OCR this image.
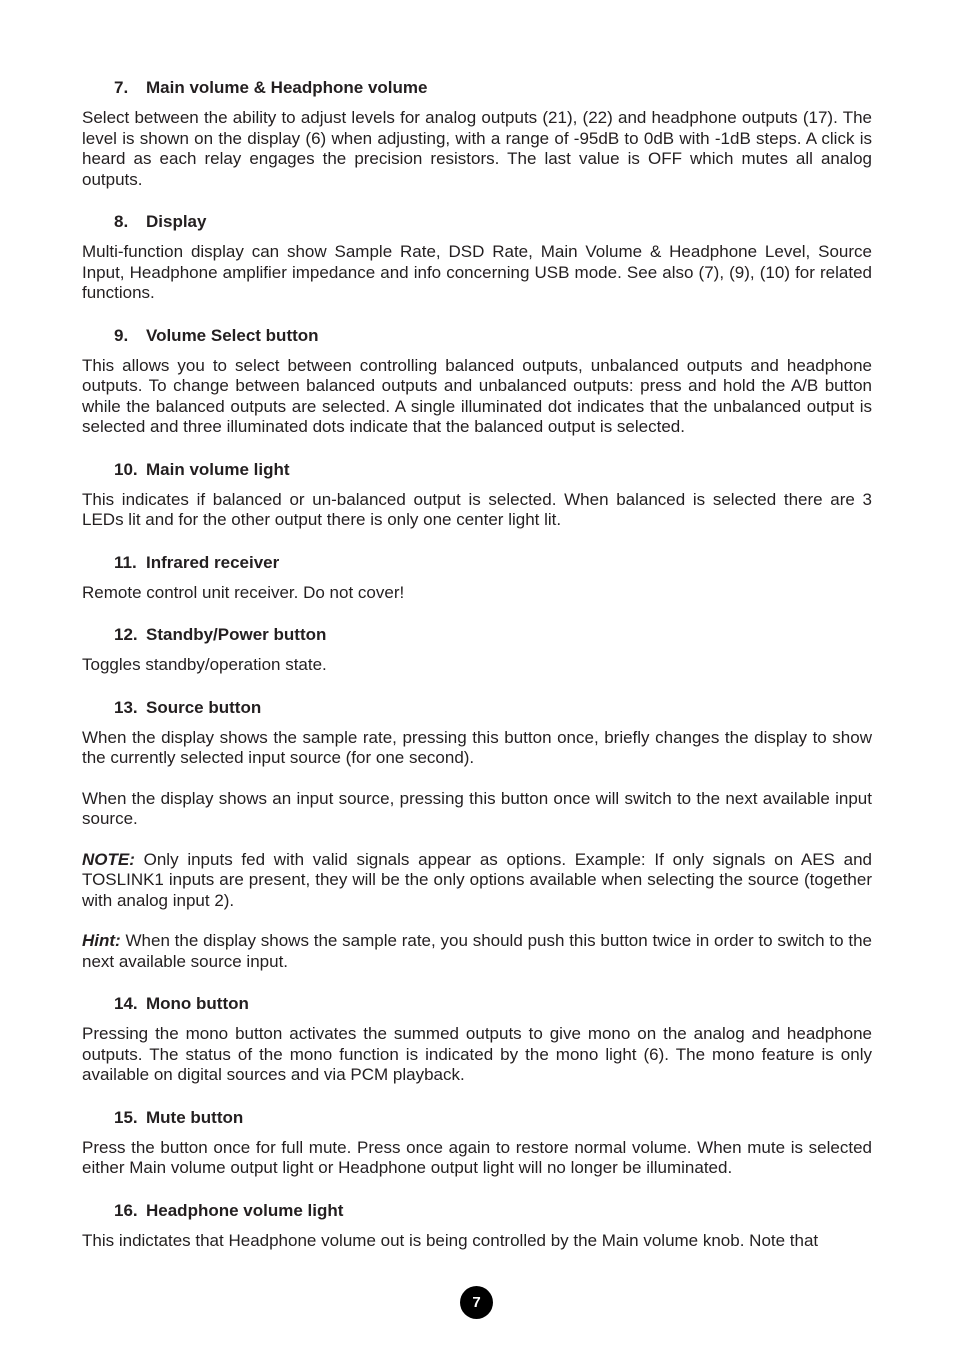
7.	Main volume & Headphone volume

Select between the ability to adjust levels for analog outputs (21), (22) and headphone outputs (17). The level is shown on the display (6) when adjusting, with a range of -95dB to 0dB with -1dB steps. A click is heard as each relay engages the precision resistors. The last value is OFF which mutes all analog outputs.

8.	Display

Multi-function display can show Sample Rate, DSD Rate, Main Volume & Headphone Level, Source Input, Headphone amplifier impedance and info concerning USB mode. See also (7), (9), (10) for related functions.

9.	Volume Select button

This allows you to select between controlling balanced outputs, unbalanced outputs and headphone outputs. To change between balanced outputs and unbalanced outputs: press and hold the A/B button while the balanced outputs are selected. A single illuminated dot indicates that the unbalanced output is selected and three illuminated dots indicate that the balanced output is selected.

10. Main volume light

This indicates if balanced or un-balanced output is selected. When balanced is selected there are 3 LEDs lit and for the other output there is only one center light lit.

11. Infrared receiver

Remote control unit receiver. Do not cover!

12. Standby/Power button

Toggles standby/operation state.

13. Source button

When the display shows the sample rate, pressing this button once, briefly changes the display to show the currently selected input source (for one second).

When the display shows an input source, pressing this button once will switch to the next available input source.

NOTE: Only inputs fed with valid signals appear as options. Example: If only signals on AES and TOSLINK1 inputs are present, they will be the only options available when selecting the source (together with analog input 2).

Hint: When the display shows the sample rate, you should push this button twice in order to switch to the next available source input.

14. Mono button

Pressing the mono button activates the summed outputs to give mono on the analog and headphone outputs. The status of the mono function is indicated by the mono light (6). The mono feature is only available on digital sources and via PCM playback.

15. Mute button

Press the button once for full mute. Press once again to restore normal volume. When mute is selected either Main volume output light or Headphone output light will no longer be illuminated.

16. Headphone volume light

This indictates that Headphone volume out is being controlled by the Main volume knob. Note that

7
